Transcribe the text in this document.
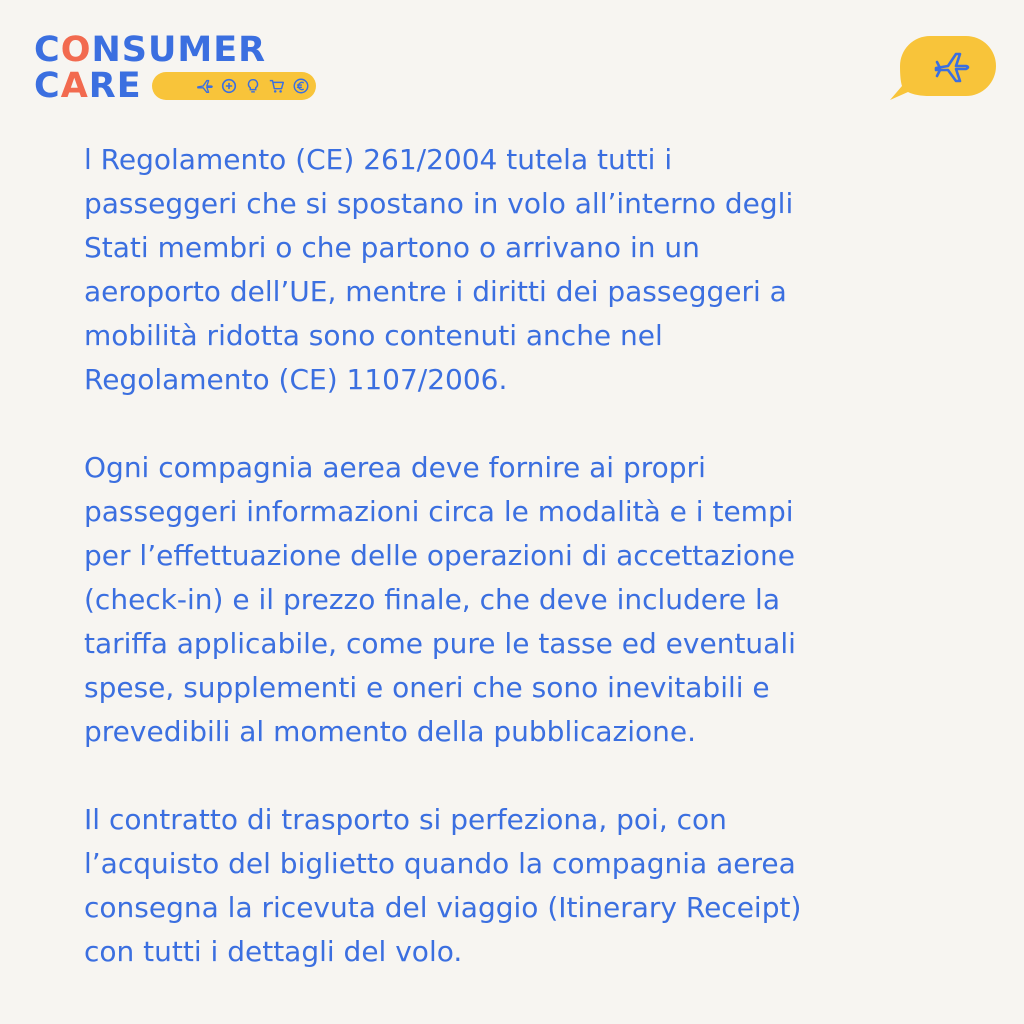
CONSUMER
CARE
l Regolamento (CE) 261/2004 tutela tutti i
passeggeri che si spostano in volo all’interno degli
Stati membri o che partono o arrivano in un
aeroporto dell’UE, mentre i diritti dei passeggeri a
mobilità ridotta sono contenuti anche nel
Regolamento (CE) 1107/2006.
Ogni compagnia aerea deve fornire ai propri
passeggeri informazioni circa le modalità e i tempi
per l’effettuazione delle operazioni di accettazione
(check-in) e il prezzo finale, che deve includere la
tariffa applicabile, come pure le tasse ed eventuali
spese, supplementi e oneri che sono inevitabili e
prevedibili al momento della pubblicazione.
Il contratto di trasporto si perfeziona, poi, con
l’acquisto del biglietto quando la compagnia aerea
consegna la ricevuta del viaggio (Itinerary Receipt)
con tutti i dettagli del volo.
